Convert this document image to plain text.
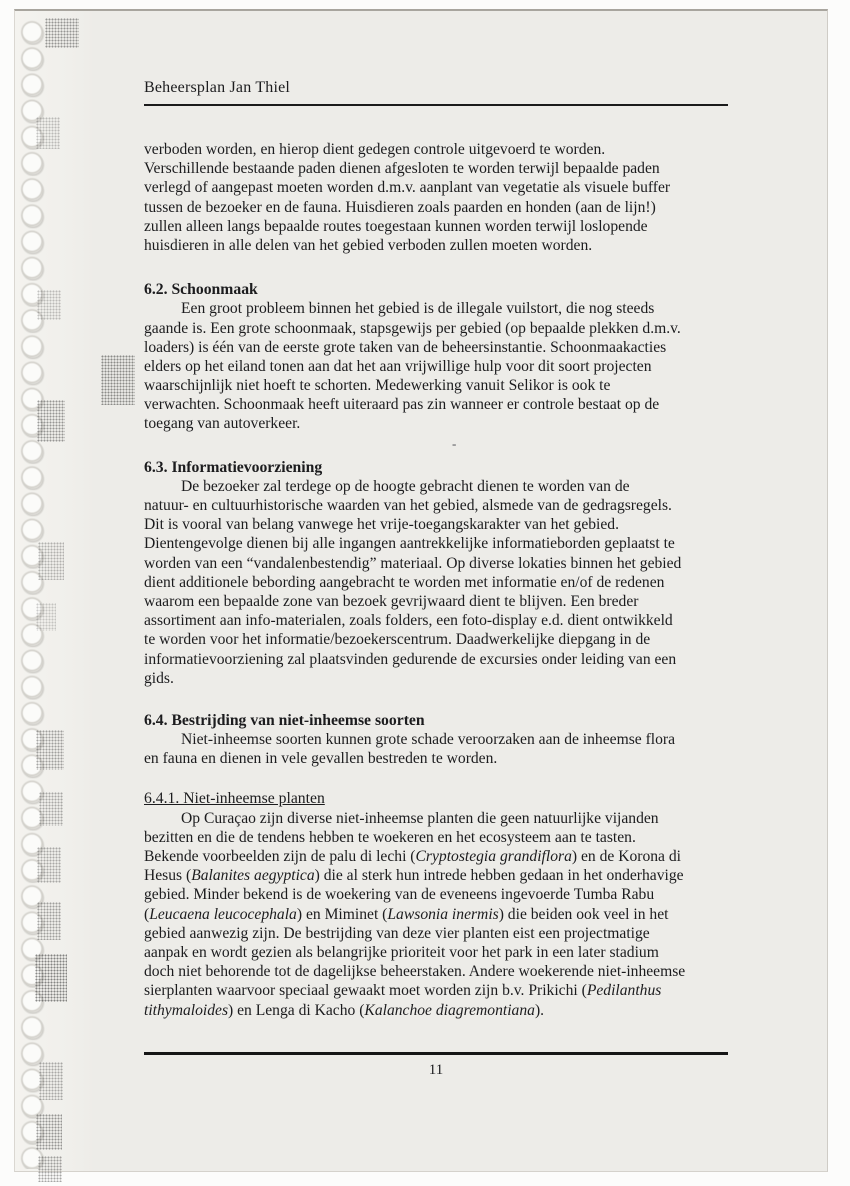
Beheersplan Jan Thiel
verboden worden, en hierop dient gedegen controle uitgevoerd te worden.
Verschillende bestaande paden dienen afgesloten te worden terwijl bepaalde paden
verlegd of aangepast moeten worden d.m.v. aanplant van vegetatie als visuele buffer
tussen de bezoeker en de fauna. Huisdieren zoals paarden en honden (aan de lijn!)
zullen alleen langs bepaalde routes toegestaan kunnen worden terwijl loslopende
huisdieren in alle delen van het gebied verboden zullen moeten worden.
6.2. Schoonmaak
Een groot probleem binnen het gebied is de illegale vuilstort, die nog steeds
gaande is. Een grote schoonmaak, stapsgewijs per gebied (op bepaalde plekken d.m.v.
loaders) is één van de eerste grote taken van de beheersinstantie. Schoonmaakacties
elders op het eiland tonen aan dat het aan vrijwillige hulp voor dit soort projecten
waarschijnlijk niet hoeft te schorten. Medewerking vanuit Selikor is ook te
verwachten. Schoonmaak heeft uiteraard pas zin wanneer er controle bestaat op de
toegang van autoverkeer.
-
6.3. Informatievoorziening
De bezoeker zal terdege op de hoogte gebracht dienen te worden van de
natuur- en cultuurhistorische waarden van het gebied, alsmede van de gedragsregels.
Dit is vooral van belang vanwege het vrije-toegangskarakter van het gebied.
Dientengevolge dienen bij alle ingangen aantrekkelijke informatieborden geplaatst te
worden van een “vandalenbestendig” materiaal. Op diverse lokaties binnen het gebied
dient additionele bebording aangebracht te worden met informatie en/of de redenen
waarom een bepaalde zone van bezoek gevrijwaard dient te blijven. Een breder
assortiment aan info-materialen, zoals folders, een foto-display e.d. dient ontwikkeld
te worden voor het informatie/bezoekerscentrum. Daadwerkelijke diepgang in de
informatievoorziening zal plaatsvinden gedurende de excursies onder leiding van een
gids.
6.4. Bestrijding van niet-inheemse soorten
Niet-inheemse soorten kunnen grote schade veroorzaken aan de inheemse flora
en fauna en dienen in vele gevallen bestreden te worden.
6.4.1. Niet-inheemse planten
Op Curaçao zijn diverse niet-inheemse planten die geen natuurlijke vijanden
bezitten en die de tendens hebben te woekeren en het ecosysteem aan te tasten.
Bekende voorbeelden zijn de palu di lechi (Cryptostegia grandiflora) en de Korona di
Hesus (Balanites aegyptica) die al sterk hun intrede hebben gedaan in het onderhavige
gebied. Minder bekend is de woekering van de eveneens ingevoerde Tumba Rabu
(Leucaena leucocephala) en Miminet (Lawsonia inermis) die beiden ook veel in het
gebied aanwezig zijn. De bestrijding van deze vier planten eist een projectmatige
aanpak en wordt gezien als belangrijke prioriteit voor het park in een later stadium
doch niet behorende tot de dagelijkse beheerstaken. Andere woekerende niet-inheemse
sierplanten waarvoor speciaal gewaakt moet worden zijn b.v. Prikichi (Pedilanthus
tithymaloides) en Lenga di Kacho (Kalanchoe diagremontiana).
11
